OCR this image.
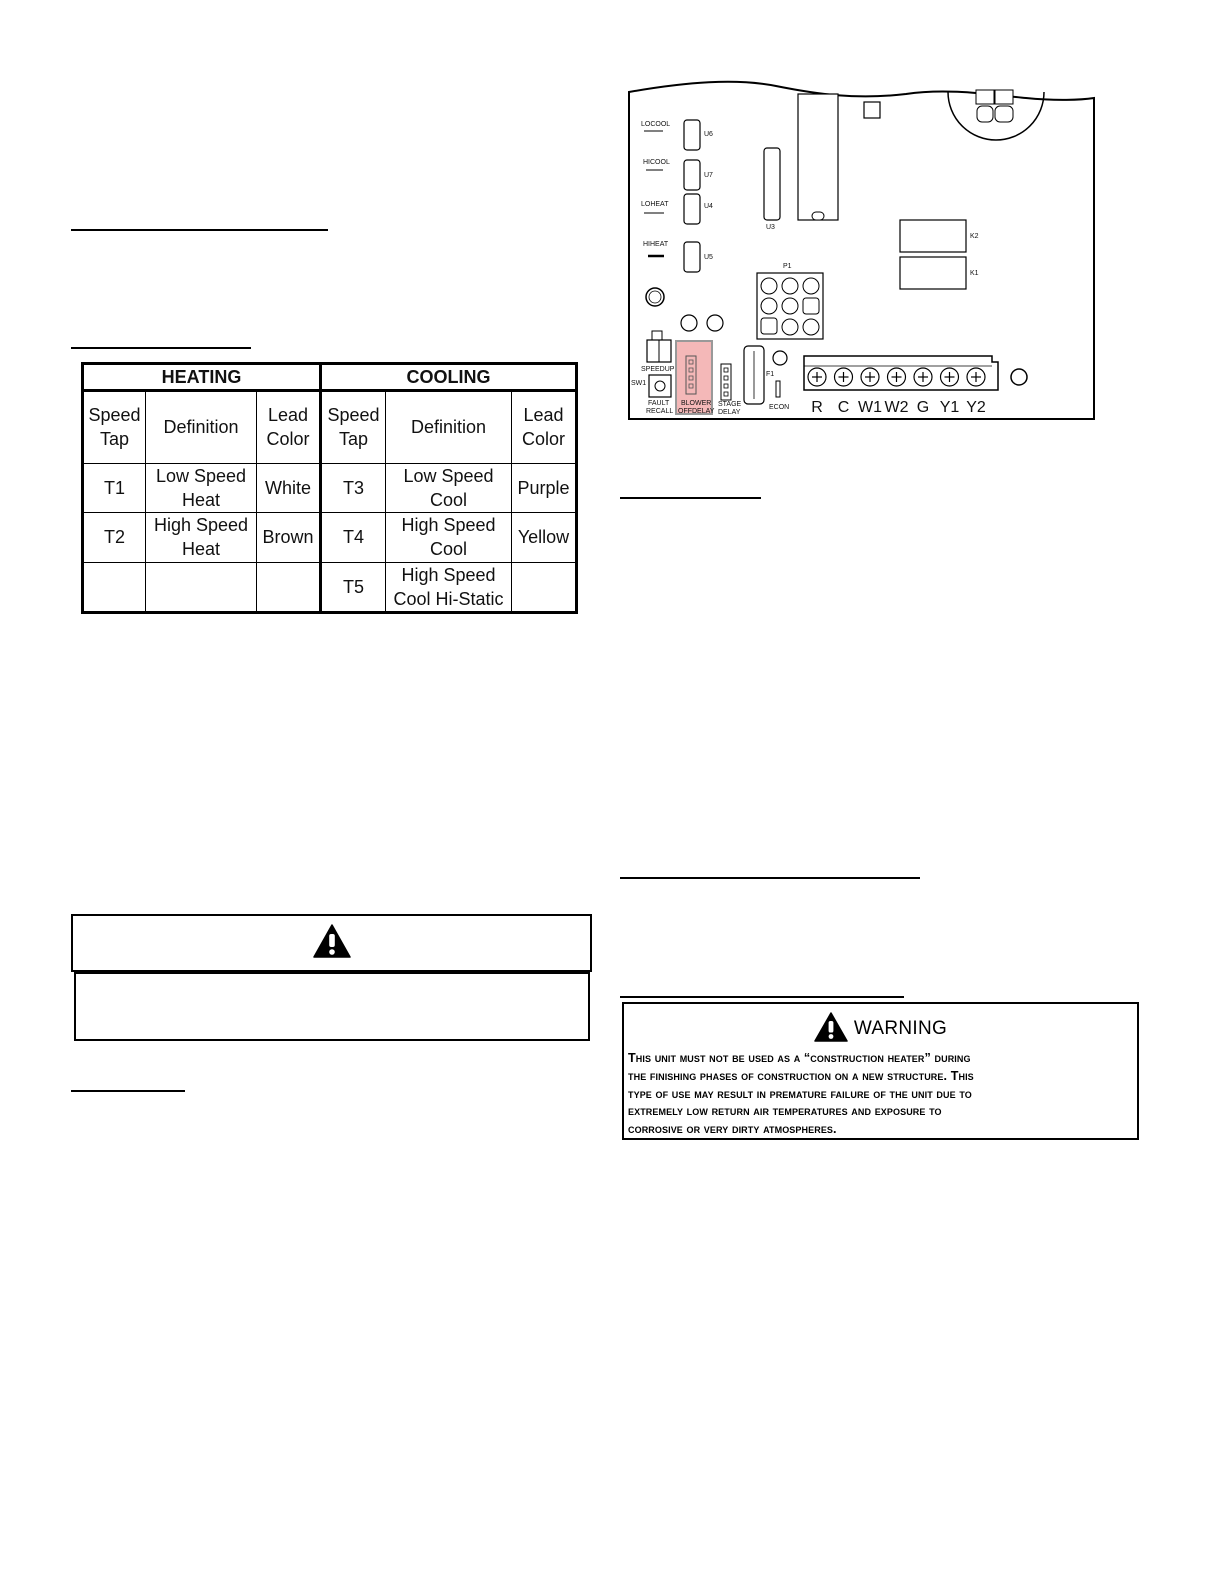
HEATING			COOLING		
Speed Tap	Definition	Lead Color	Speed Tap	Definition	Lead Color
T1	Low Speed Heat	White	T3	Low Speed Cool	Purple
T2	High Speed Heat	Brown	T4	High Speed Cool	Yellow
			T5	High Speed Cool Hi-Static	
LOCOOL
HICOOL
LOHEAT
HIHEAT
U6
U7
U4
U5
U3
K2
K1
P1
SPEEDUP
SW1
FAULT
RECALL
BLOWER
OFFDELAY
STAGE
DELAY
F1
ECON R C W1 W2 G Y1 Y2
WARNING
This unit must not be used as a “construction heater” during
the finishing phases of construction on a new structure. This
type of use may result in premature failure of the unit due to
extremely low return air temperatures and exposure to
corrosive or very dirty atmospheres.
